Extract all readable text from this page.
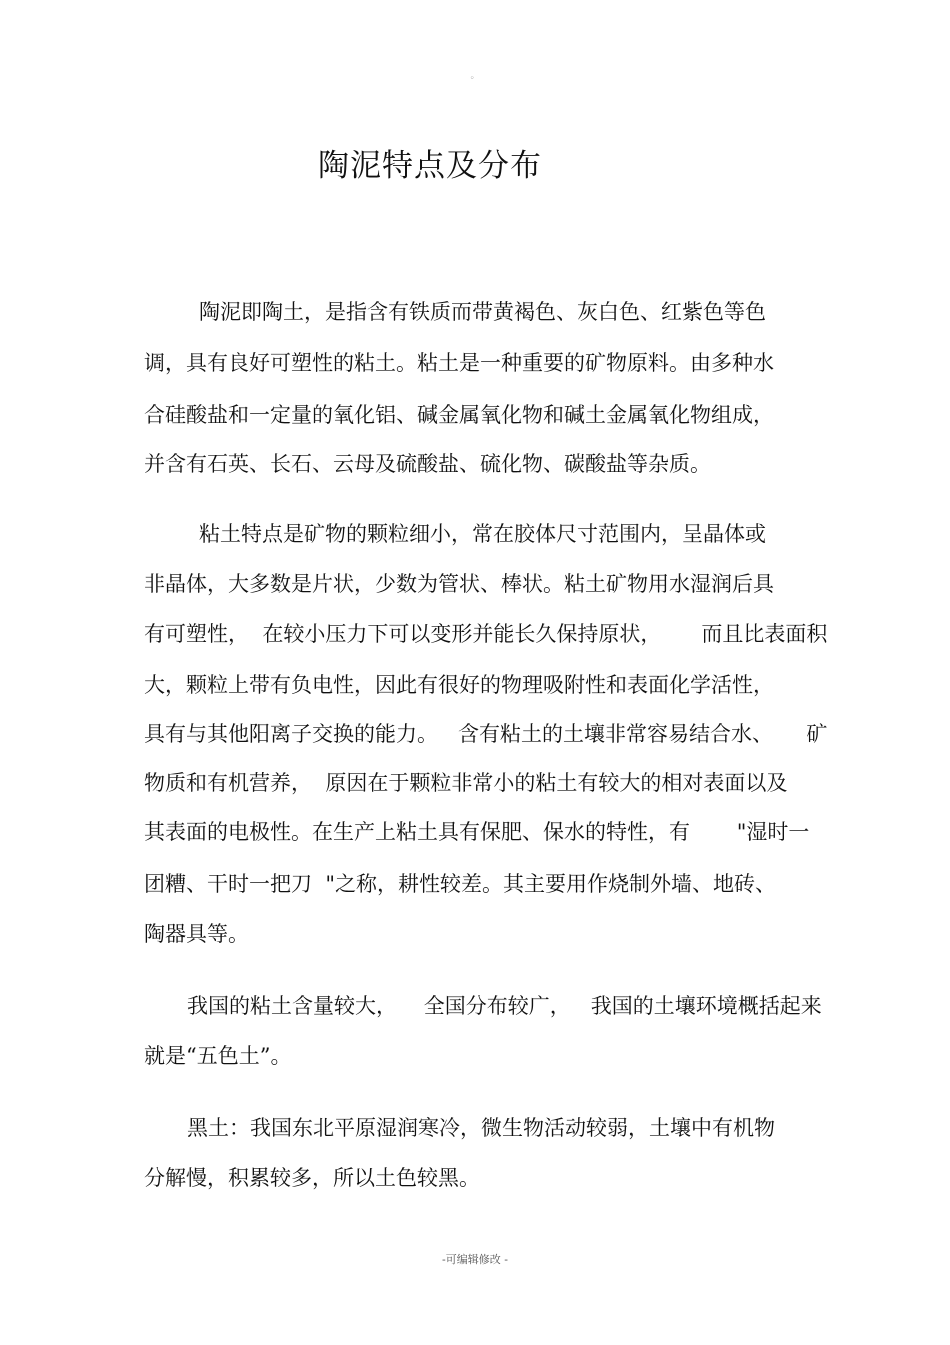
。
陶泥特点及分布
陶泥即陶土，是指含有铁质而带黄褐色、灰白色、红紫色等色
调，具有良好可塑性的粘土。粘土是一种重要的矿物原料。由多种水
合硅酸盐和一定量的氧化铝、碱金属氧化物和碱土金属氧化物组成，
并含有石英、长石、云母及硫酸盐、硫化物、碳酸盐等杂质。
粘土特点是矿物的颗粒细小，常在胶体尺寸范围内，呈晶体或
非晶体，大多数是片状，少数为管状、棒状。粘土矿物用水湿润后具
有可塑性，  在较小压力下可以变形并能长久保持原状，      而且比表面积
大，颗粒上带有负电性，因此有很好的物理吸附性和表面化学活性，
具有与其他阳离子交换的能力。   含有粘土的土壤非常容易结合水、     矿
物质和有机营养，  原因在于颗粒非常小的粘土有较大的相对表面以及
其表面的电极性。在生产上粘土具有保肥、保水的特性，有       "湿时一
团糟、干时一把刀  "之称，耕性较差。其主要用作烧制外墙、地砖、
陶器具等。
我国的粘土含量较大，    全国分布较广，   我国的土壤环境概括起来
就是“五色土”。
黑土：我国东北平原湿润寒冷，微生物活动较弱，土壤中有机物
分解慢，积累较多，所以土色较黑。
-可编辑修改 -
